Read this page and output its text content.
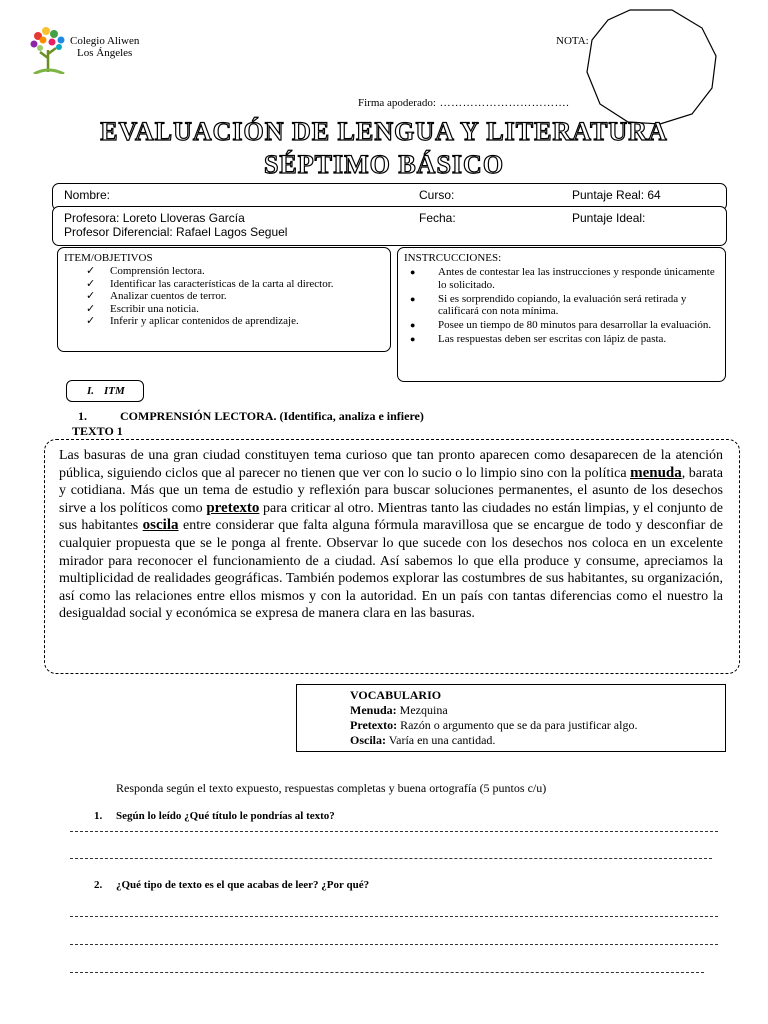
Colegio Aliwen
Los Ángeles
NOTA:
Firma apoderado: …………………………….
EVALUACIÓN DE LENGUA Y LITERATURA
SÉPTIMO BÁSICO
Nombre:	Curso:	Puntaje Real: 64
Profesora: Loreto Lloveras García
Profesor Diferencial: Rafael Lagos Seguel
Fecha:	Puntaje Ideal:
ITEM/OBJETIVOS
✓ Comprensión lectora.
✓ Identificar las características de la carta al director.
✓ Analizar cuentos de terror.
✓ Escribir una noticia.
✓ Inferir y aplicar contenidos de aprendizaje.
INSTRCUCCIONES:
● Antes de contestar lea las instrucciones y responde únicamente lo solicitado.
● Si es sorprendido copiando, la evaluación será retirada y calificará con nota mínima.
● Posee un tiempo de 80 minutos para desarrollar la evaluación.
● Las respuestas deben ser escritas con lápiz de pasta.
I. ITM
1.	COMPRENSIÓN LECTORA. (Identifica, analiza e infiere)
TEXTO 1

Las basuras de una gran ciudad constituyen tema curioso que tan pronto aparecen como desaparecen de la atención pública, siguiendo ciclos que al parecer no tienen que ver con lo sucio o lo limpio sino con la política menuda, barata y cotidiana. Más que un tema de estudio y reflexión para buscar soluciones permanentes, el asunto de los desechos sirve a los políticos como pretexto para criticar al otro. Mientras tanto las ciudades no están limpias, y el conjunto de sus habitantes oscila entre considerar que falta alguna fórmula maravillosa que se encargue de todo y desconfiar de cualquier propuesta que se le ponga al frente. Observar lo que sucede con los desechos nos coloca en un excelente mirador para reconocer el funcionamiento de a ciudad. Así sabemos lo que ella produce y consume, apreciamos la multiplicidad de realidades geográficas. También podemos explorar las costumbres de sus habitantes, su organización, así como las relaciones entre ellos mismos y con la autoridad. En un país con tantas diferencias como el nuestro la desigualdad social y económica se expresa de manera clara en las basuras.

VOCABULARIO
Menuda: Mezquina
Pretexto: Razón o argumento que se da para justificar algo.
Oscila: Varía en una cantidad.
Responda según el texto expuesto, respuestas completas y buena ortografía (5 puntos c/u)
1. Según lo leído ¿Qué título le pondrías al texto?
2. ¿Qué tipo de texto es el que acabas de leer? ¿Por qué?
